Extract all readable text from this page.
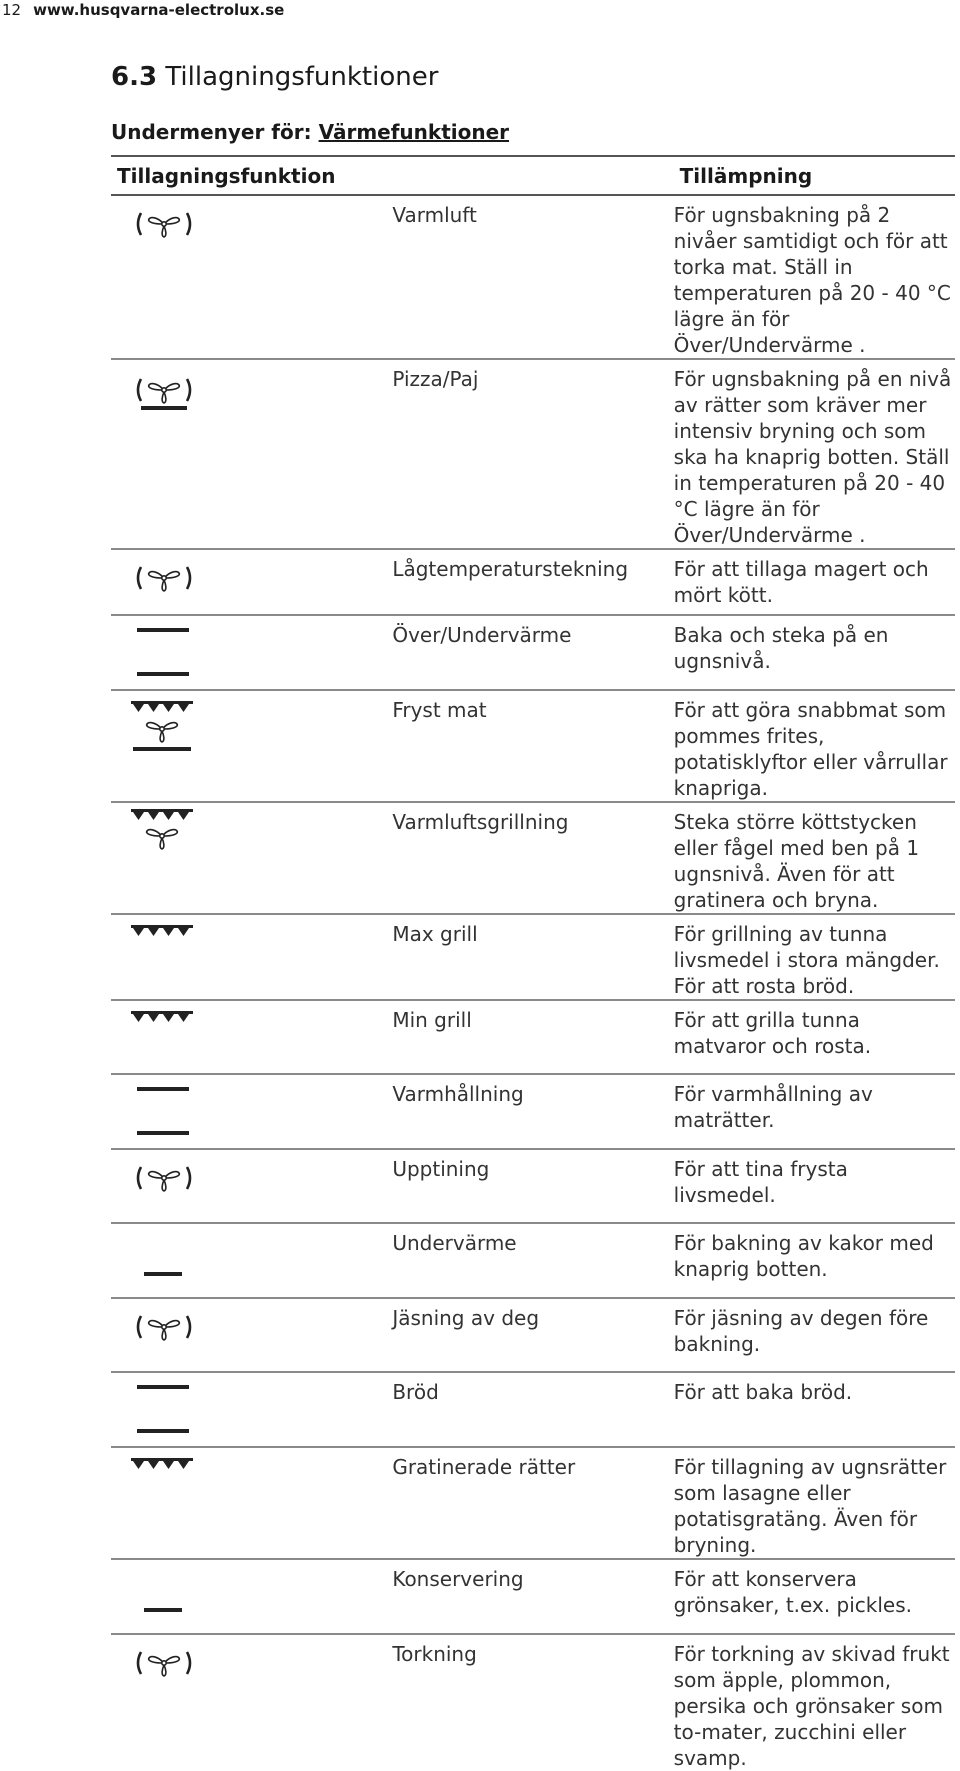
12 www.husqvarna-electrolux.se
6.3 Tillagningsfunktioner
Undermenyer för: Värmefunktioner
Tillagningsfunktion		Tillämpning

	Varmluft	För ugnsbakning på 2 nivåer samtidigt och för att torka mat. Ställ in temperaturen på 20 - 40 °C lägre än för Över/Undervärme .

	Pizza/Paj	För ugnsbakning på en nivå av rätter som kräver mer intensiv bryning och som ska ha knaprig botten. Ställ in temperaturen på 20 - 40 °C lägre än för Över/Undervärme .

	Lågtemperaturstekning	För att tillaga magert och mört kött.

	Över/Undervärme	Baka och steka på en ugnsnivå.

	Fryst mat	För att göra snabbmat som pommes frites, potatisklyftor eller vårrullar knapriga.

	Varmluftsgrillning	Steka större köttstycken eller fågel med ben på 1 ugnsnivå. Även för att gratinera och bryna.

	Max grill	För grillning av tunna livsmedel i stora mängder. För att rosta bröd.

	Min grill	För att grilla tunna matvaror och rosta.

	Varmhållning	För varmhållning av maträtter.

	Upptining	För att tina frysta livsmedel.

	Undervärme	För bakning av kakor med knaprig botten.

	Jäsning av deg	För jäsning av degen före bakning.

	Bröd	För att baka bröd.

	Gratinerade rätter	För tillagning av ugnsrätter som lasagne eller potatisgratäng. Även för bryning.

	Konservering	För att konservera grönsaker, t.ex. pickles.

	Torkning	För torkning av skivad frukt som äpple, plommon, persika och grönsaker som to-mater, zucchini eller svamp.
